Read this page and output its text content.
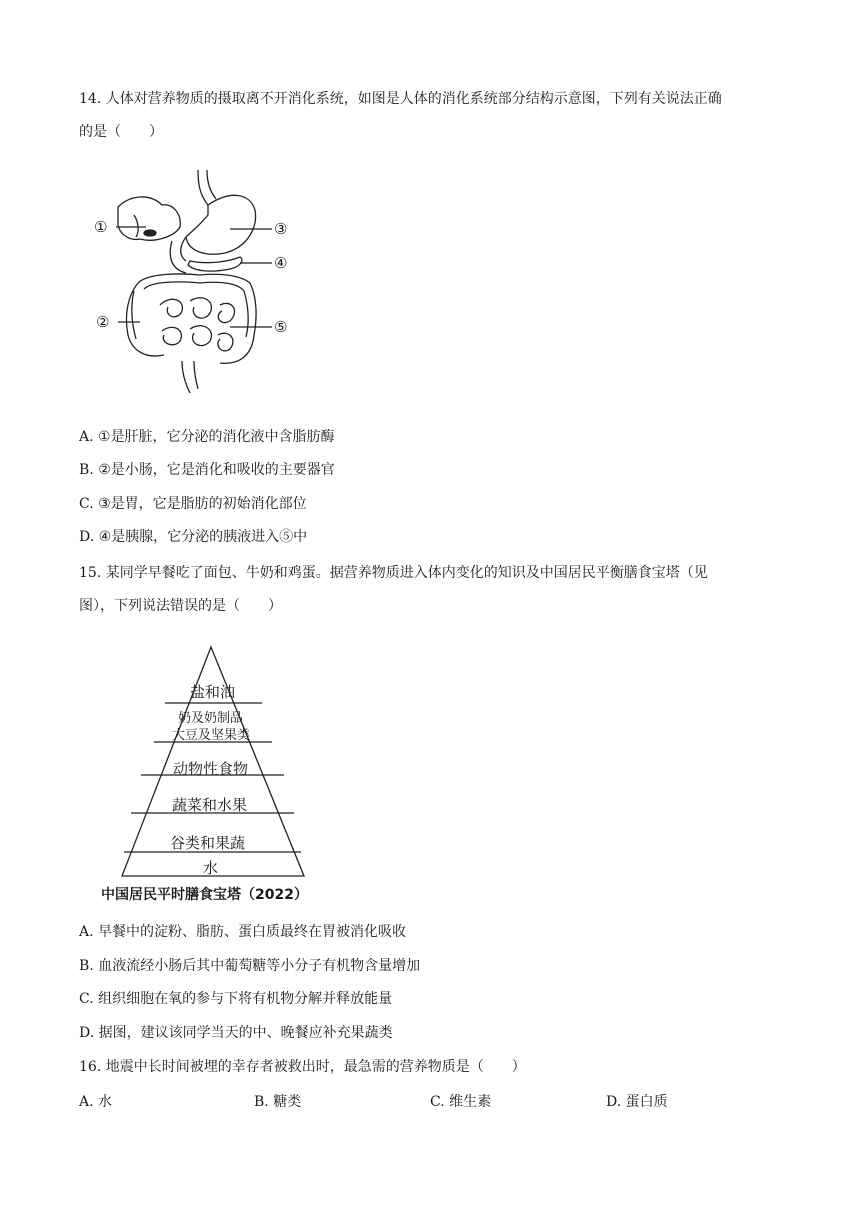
14. 人体对营养物质的摄取离不开消化系统，如图是人体的消化系统部分结构示意图，下列有关说法正确
的是（　　）
①
②
③
④
⑤
A. ①是肝脏，它分泌的消化液中含脂肪酶
B. ②是小肠，它是消化和吸收的主要器官
C. ③是胃，它是脂肪的初始消化部位
D. ④是胰腺，它分泌的胰液进入⑤中
15. 某同学早餐吃了面包、牛奶和鸡蛋。据营养物质进入体内变化的知识及中国居民平衡膳食宝塔（见
图），下列说法错误的是（　　）
盐和油
奶及奶制品
大豆及坚果类
动物性食物
蔬菜和水果
谷类和果蔬
水
中国居民平时膳食宝塔（2022）
A. 早餐中的淀粉、脂肪、蛋白质最终在胃被消化吸收
B. 血液流经小肠后其中葡萄糖等小分子有机物含量增加
C. 组织细胞在氧的参与下将有机物分解并释放能量
D. 据图，建议该同学当天的中、晚餐应补充果蔬类
16. 地震中长时间被埋的幸存者被救出时，最急需的营养物质是（　　）
A. 水	B. 糖类	C. 维生素	D. 蛋白质
